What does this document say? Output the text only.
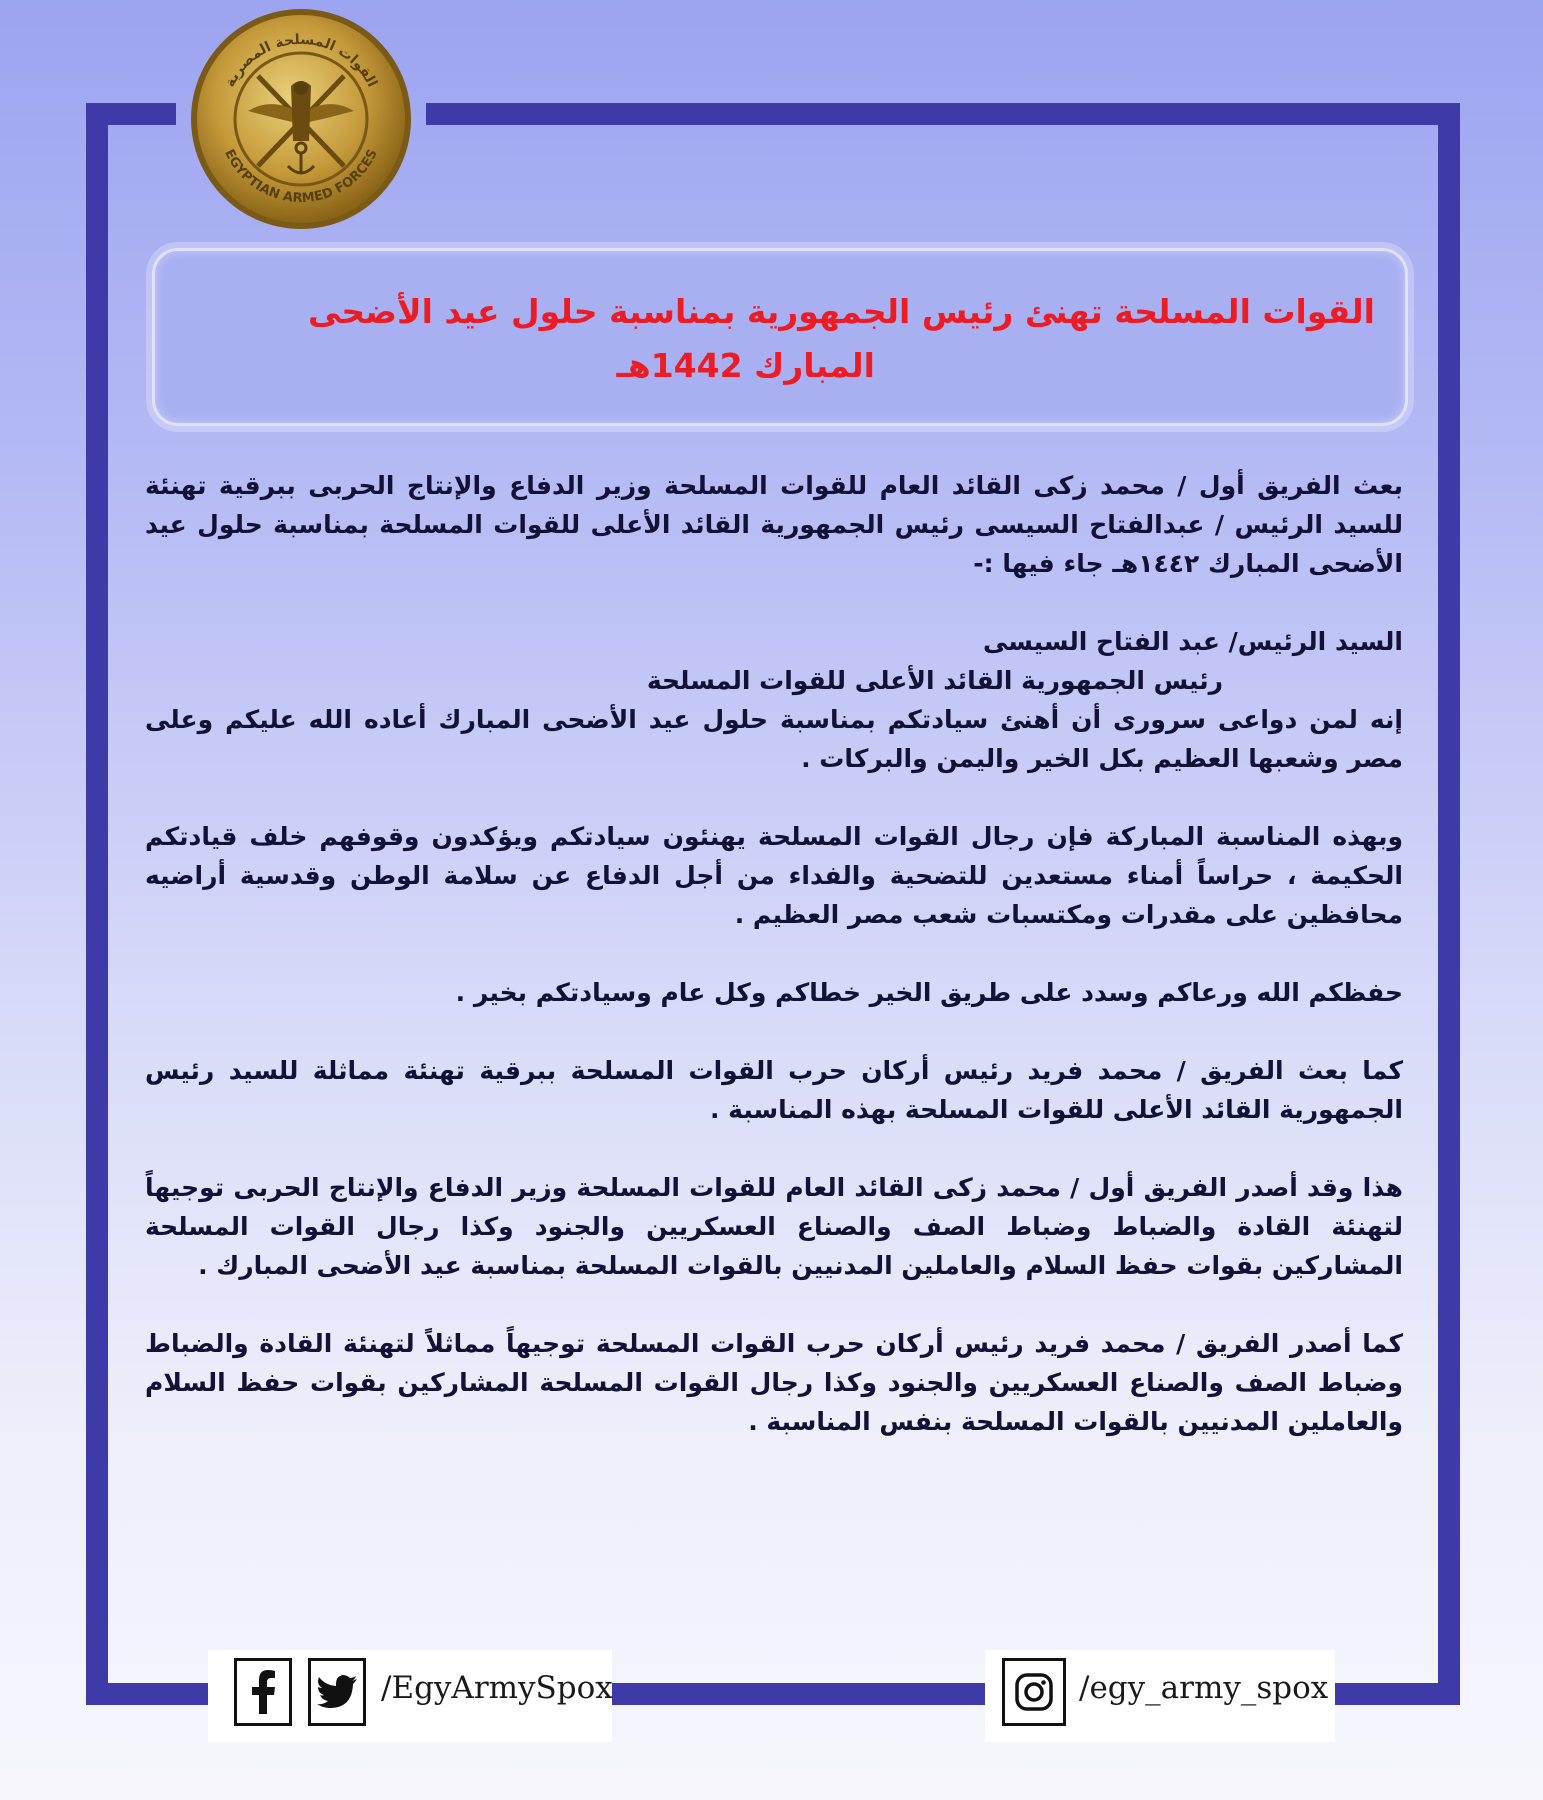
القوات المسلحة المصرية
EGYPTIAN ARMED FORCES
القوات المسلحة تهنئ رئيس الجمهورية بمناسبة حلول عيد الأضحى
المبارك 1442هـ

بعث الفريق أول / محمد زكى القائد العام للقوات المسلحة وزير الدفاع والإنتاج الحربى ببرقية تهنئة للسيد الرئيس / عبدالفتاح السيسى رئيس الجمهورية القائد الأعلى للقوات المسلحة بمناسبة حلول عيد الأضحى المبارك ١٤٤٢هـ جاء فيها :-

السيد الرئيس/ عبد الفتاح السيسى

رئيس الجمهورية القائد الأعلى للقوات المسلحة

إنه لمن دواعى سرورى أن أهنئ سيادتكم بمناسبة حلول عيد الأضحى المبارك أعاده الله عليكم وعلى مصر وشعبها العظيم بكل الخير واليمن والبركات .

وبهذه المناسبة المباركة فإن رجال القوات المسلحة يهنئون سيادتكم ويؤكدون وقوفهم خلف قيادتكم الحكيمة ، حراساً أمناء مستعدين للتضحية والفداء من أجل الدفاع عن سلامة الوطن وقدسية أراضيه محافظين على مقدرات ومكتسبات شعب مصر العظيم .

حفظكم الله ورعاكم وسدد على طريق الخير خطاكم وكل عام وسيادتكم بخير .

كما بعث الفريق / محمد فريد رئيس أركان حرب القوات المسلحة ببرقية تهنئة مماثلة للسيد رئيس الجمهورية القائد الأعلى للقوات المسلحة بهذه المناسبة .

هذا وقد أصدر الفريق أول / محمد زكى القائد العام للقوات المسلحة وزير الدفاع والإنتاج الحربى توجيهاً لتهنئة القادة والضباط وضباط الصف والصناع العسكريين والجنود وكذا رجال القوات المسلحة المشاركين بقوات حفظ السلام والعاملين المدنيين بالقوات المسلحة بمناسبة عيد الأضحى المبارك .

كما أصدر الفريق / محمد فريد رئيس أركان حرب القوات المسلحة توجيهاً مماثلاً لتهنئة القادة والضباط وضباط الصف والصناع العسكريين والجنود وكذا رجال القوات المسلحة المشاركين بقوات حفظ السلام والعاملين المدنيين بالقوات المسلحة بنفس المناسبة .

/EgyArmySpox	/egy_army_spox
